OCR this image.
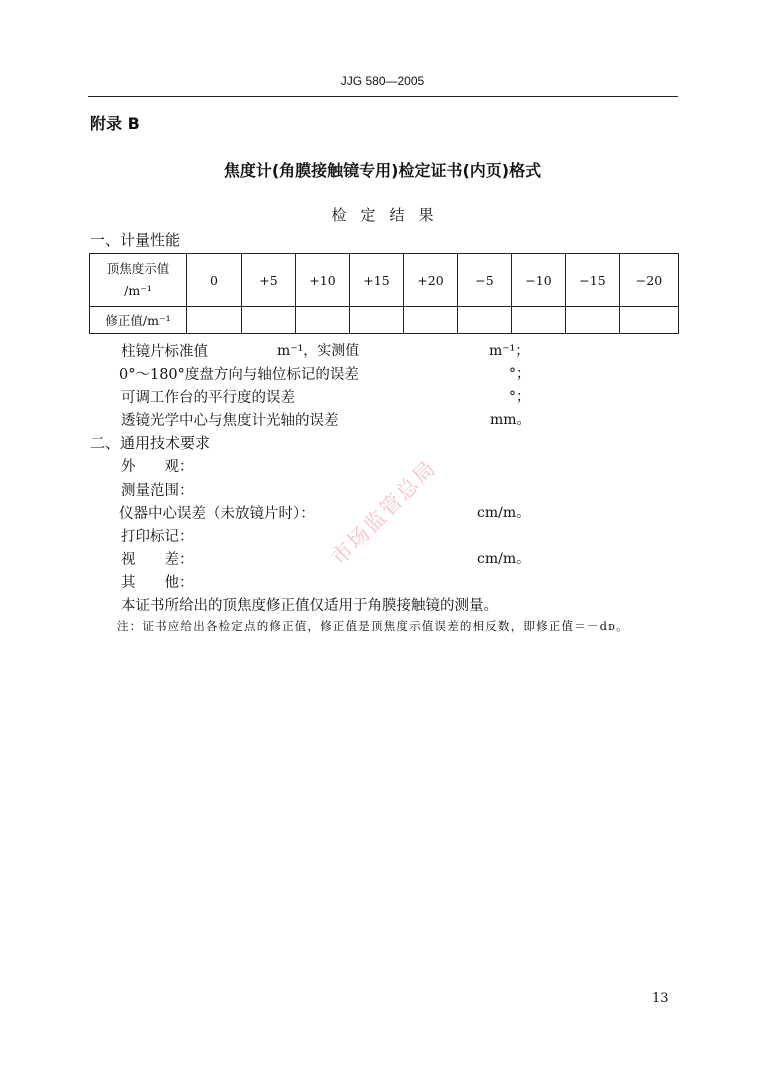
JJG 580—2005
附录 B
焦度计(角膜接触镜专用)检定证书(内页)格式
检定结果
一、计量性能
顶焦度示值
/m⁻¹	0	+5	+10	+15	+20	−5	−10	−15	−20
修正值/m⁻¹									
柱镜片标准值	m⁻¹，实测值	m⁻¹；
0°～180°度盘方向与轴位标记的误差	°；
可调工作台的平行度的误差	°；
透镜光学中心与焦度计光轴的误差	mm。
二、通用技术要求
外　　观：
测量范围：
仪器中心误差（未放镜片时）：	cm/m。
打印标记：
视　　差：	cm/m。
其　　他：
本证书所给出的顶焦度修正值仅适用于角膜接触镜的测量。
注：证书应给出各检定点的修正值，修正值是顶焦度示值误差的相反数，即修正值＝－dᴅ。
市场监管总局
13
